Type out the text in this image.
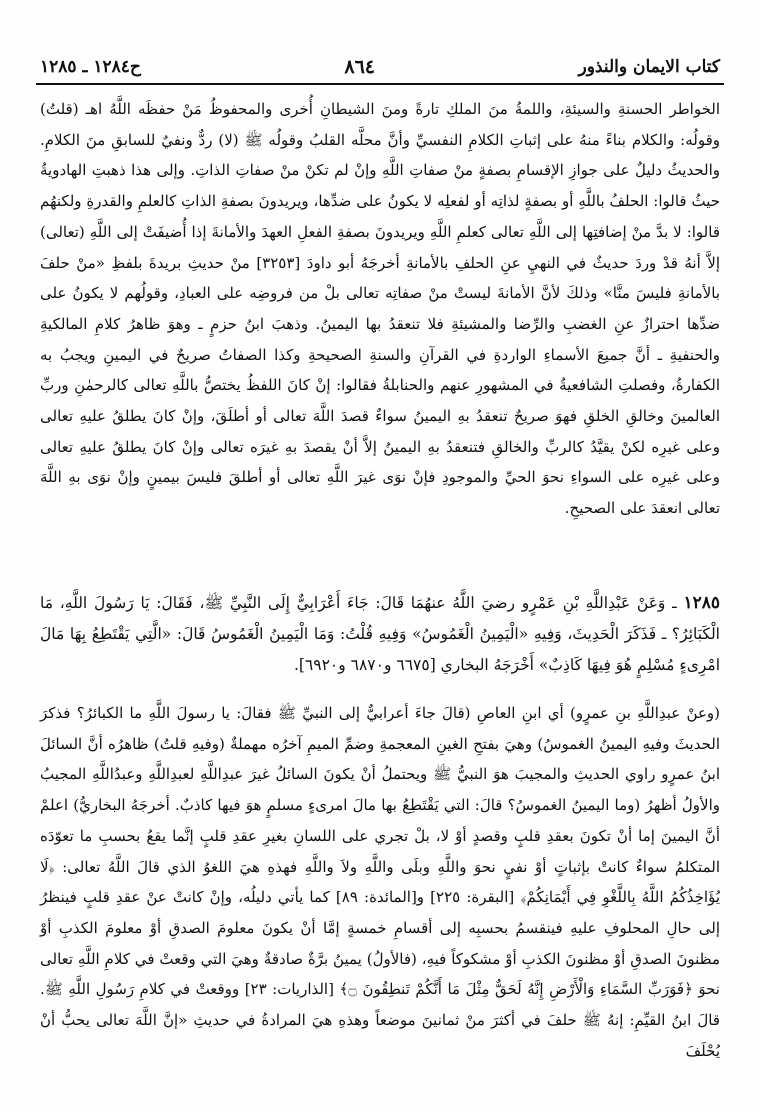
كتاب الايمان والنذور
٨٦٤
ح١٢٨٤ ـ ١٢٨٥

الخواطر الحسنةِ والسيئةِ، واللمةُ منَ الملكِ تارةً ومنَ الشيطانِ أُخرى والمحفوظُ مَنْ حفظَه اللَّهُ اهـ (قلتُ) وقولُه: والكلام بناءً منهُ على إثباتِ الكلامِ النفسيِّ وأنَّ محلَّه القلبُ وقولُه ﷺ (لا) ردٌّ ونفيٌ للسابقِ منَ الكلامِ. والحديثُ دليلٌ على جوازِ الإقسامِ بصفةٍ منْ صفاتِ اللَّهِ وإنْ لم تكنْ منْ صفاتِ الذاتِ. وإلى هذا ذهبتِ الهادويةُ حيثُ قالوا: الحلفُ باللَّهِ أو بصفةٍ لذاتِه أو لفعلِه لا يكونُ على ضدِّها، ويريدونَ بصفةِ الذاتِ كالعلمِ والقدرةِ ولكنهُم قالوا: لا بدَّ منْ إضافتِها إلى اللَّهِ تعالى كعلمِ اللَّهِ ويريدونَ بصفةِ الفعلِ العهدَ والأمانةَ إذا أُضيفَتْ إلى اللَّهِ (تعالى) إلاَّ أنهُ قدْ وردَ حديثٌ في النهيِ عنِ الحلفِ بالأمانةِ أخرجَهُ أبو داودَ [٣٢٥٣] منْ حديثِ بريدةَ بلفظِ «منْ حلفَ بالأمانةِ فليسَ منَّا» وذلكَ لأنَّ الأمانةَ ليستْ منْ صفاتِه تعالى بلْ من فروضِه على العبادِ، وقولُهم لا يكونُ على ضدِّها احترازٌ عنِ الغضبِ والرِّضا والمشيئةِ فلا تنعقدُ بها اليمينُ. وذهبَ ابنُ حزمٍ ـ وهوَ ظاهرُ كلامِ المالكيةِ والحنفيةِ ـ أنَّ جميعَ الأسماءِ الواردةِ في القرآنِ والسنةِ الصحيحةِ وكذا الصفاتُ صريحٌ في اليمينِ ويجبُ به الكفارةُ، وفصلتِ الشافعيةُ في المشهورِ عنهم والحنابلةُ فقالوا: إنْ كانَ اللفظُ يختصُّ باللَّهِ تعالى كالرحمٰنِ وربِّ العالمينَ وخالقِ الخلقِ فهوَ صريحٌ تنعقدُ بهِ اليمينُ سواءٌ قصدَ اللَّهَ تعالى أو أطلَقَ، وإنْ كانَ يطلقُ عليهِ تعالى وعلى غيرِه لكنْ يقيَّدُ كالربِّ والخالقِ فتنعقدُ بهِ اليمينُ إلاَّ أنْ يقصدَ بهِ غيرَه تعالى وإنْ كانَ يطلقُ عليهِ تعالى وعلى غيرِه على السواءِ نحوَ الحيِّ والموجودِ فإنْ نوَى غيرَ اللَّهِ تعالى أو أطلقَ فليسَ بيمينٍ وإنْ نوَى بهِ اللَّهَ تعالى انعقدَ على الصحيحِ.

١٢٨٥ ـ وَعَنْ عَبْدِاللَّهِ بْنِ عَمْرٍو رضيَ اللَّهُ عنهُمَا قَالَ: جَاءَ أَعْرَابِيٌّ إِلَى النَّبِيِّ ﷺ، فَقَالَ: يَا رَسُولَ اللَّهِ، مَا الْكَبَائِرُ؟ ـ فَذَكَرَ الْحَدِيثَ، وَفِيهِ «الْيَمِينُ الْغَمُوسُ» وَفِيهِ قُلْتُ: وَمَا الْيَمِينُ الْغَمُوسُ قَالَ: «الَّتِي يَقْتَطِعُ بِهَا مَالَ امْرِىءٍ مُسْلِمٍ هُوَ فِيهَا كَاذِبٌ» أَخْرَجَهُ البخاري [٦٦٧٥ و٦٨٧٠ و٦٩٢٠].

(وعنْ عبدِاللَّهِ بنِ عمرٍو) أي ابنِ العاصِ (قالَ جاءَ أعرابيٌّ إلى النبيِّ ﷺ فقالَ: يا رسولَ اللَّهِ ما الكبائرُ؟ فذكرَ الحديثَ وفيهِ اليمينُ الغموسُ) وهيَ بفتحِ الغينِ المعجمةِ وضمِّ الميمِ آخرُه مهملةٌ (وفيهِ قلتُ) ظاهرُه أنَّ السائلَ ابنُ عمرٍو راوي الحديثِ والمجيبَ هوَ النبيُّ ﷺ ويحتملُ أنْ يكونَ السائلُ غيرَ عبدِاللَّهِ لعبدِاللَّهِ وعبدُاللَّهِ المجيبُ والأولُ أظهرُ (وما اليمينُ الغموسُ؟ قالَ: التي يَقْتَطِعُ بها مالَ امرىءٍ مسلمٍ هوَ فيها كاذبٌ. أخرجَهُ البخاريُّ) اعلمْ أنَّ اليمينَ إما أنْ تكونَ بعقدِ قلبٍ وقصدٍ أوْ لا، بلْ تجري على اللسانِ بغيرِ عقدِ قلبٍ إنَّما يقعُ بحسبِ ما تعوّدَه المتكلمُ سواءٌ كانتْ بإثباتٍ أوْ نفيٍ نحوَ واللَّهِ وبلَى واللَّهِ ولاَ واللَّهِ فهذهِ هيَ اللغوُ الذي قالَ اللَّهُ تعالى: ﴿لَا يُؤَاخِذُكُمُ اللَّهُ بِاللَّغْوِ فِي أَيْمَانِكُمْ﴾ [البقرة: ٢٢٥] و[المائدة: ٨٩] كما يأتي دليلُه، وإنْ كانتْ عنْ عقدِ قلبٍ فينظرُ إلى حالِ المحلوفِ عليهِ فينقسمُ بحسبِه إلى أقسامِ خمسةٍ إمَّا أنْ يكونَ معلومَ الصدقِ أوْ معلومَ الكذبِ أوْ مظنونَ الصدقِ أوْ مظنونَ الكذبِ أوْ مشكوكاً فيهِ، (فالأولُ) يمينُ برَّةٌ صادقةٌ وهيَ التي وقعتْ في كلامِ اللَّهِ تعالى نحوَ ﴿فَوَرَبِّ السَّمَاءِ وَالْأَرْضِ إِنَّهُ لَحَقٌّ مِثْلَ مَا أَنَّكُمْ تَنطِقُونَ ۝﴾ [الذاريات: ٢٣] ووقعتْ في كلامِ رَسُولِ اللَّهِ ﷺ. قالَ ابنُ القيِّمِ: إنهُ ﷺ حلفَ في أكثرَ منْ ثمانينَ موضعاً وهذهِ هيَ المرادةُ في حديثِ «إنَّ اللَّهَ تعالى يحبُّ أنْ يُحْلَفَ
